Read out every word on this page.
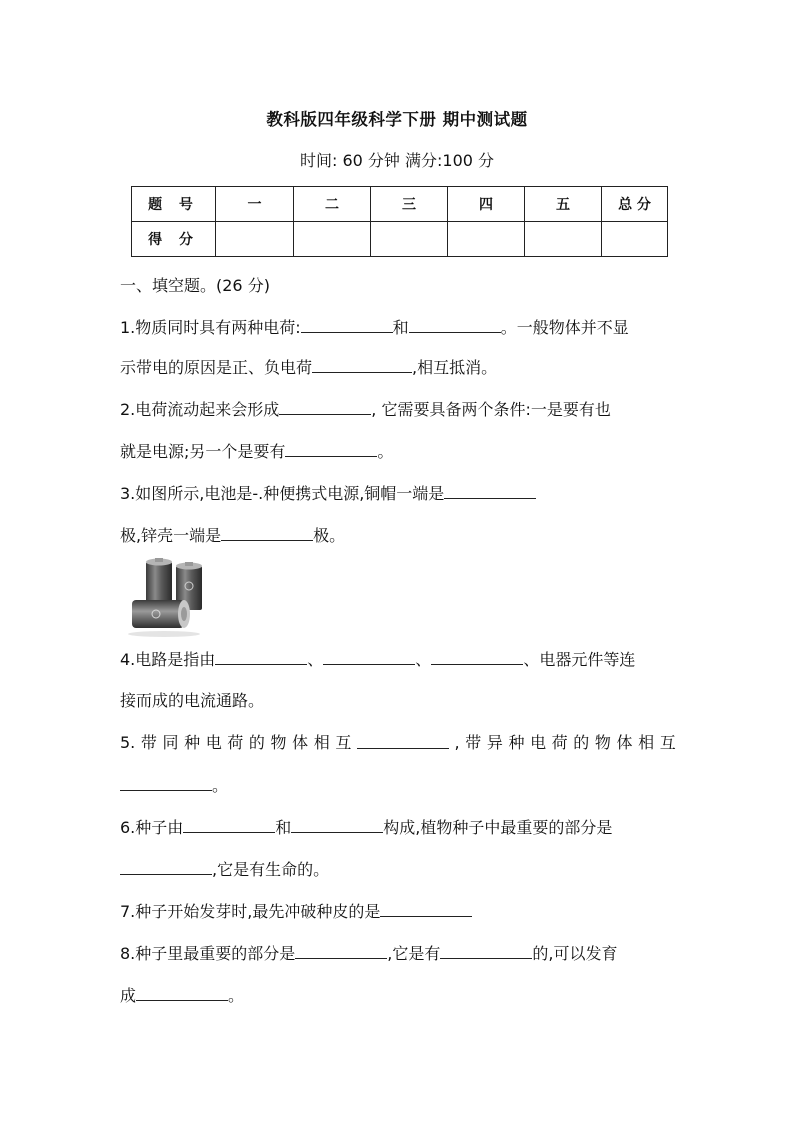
教科版四年级科学下册 期中测试题
时间: 60 分钟 满分:100 分
题 号	一	二	三	四	五	总 分
得 分						
一、填空题。(26 分)
1.物质同时具有两种电荷:	和	。一般物体并不显
示带电的原因是正、负电荷	,相互抵消。
2.电荷流动起来会形成	, 它需要具备两个条件:一是要有也
就是电源;另一个是要有	。
3.如图所示,电池是-.种便携式电源,铜帽一端是
极,锌壳一端是	极。
4.电路是指由	、	、	、电器元件等连
接而成的电流通路。
5. 带 同 种 电 荷 的 物 体 相 互	, 带 异 种 电 荷 的 物 体 相 互
。
6.种子由	和	构成,植物种子中最重要的部分是
,它是有生命的。
7.种子开始发芽时,最先冲破种皮的是
8.种子里最重要的部分是	,它是有	的,可以发育
成	。
